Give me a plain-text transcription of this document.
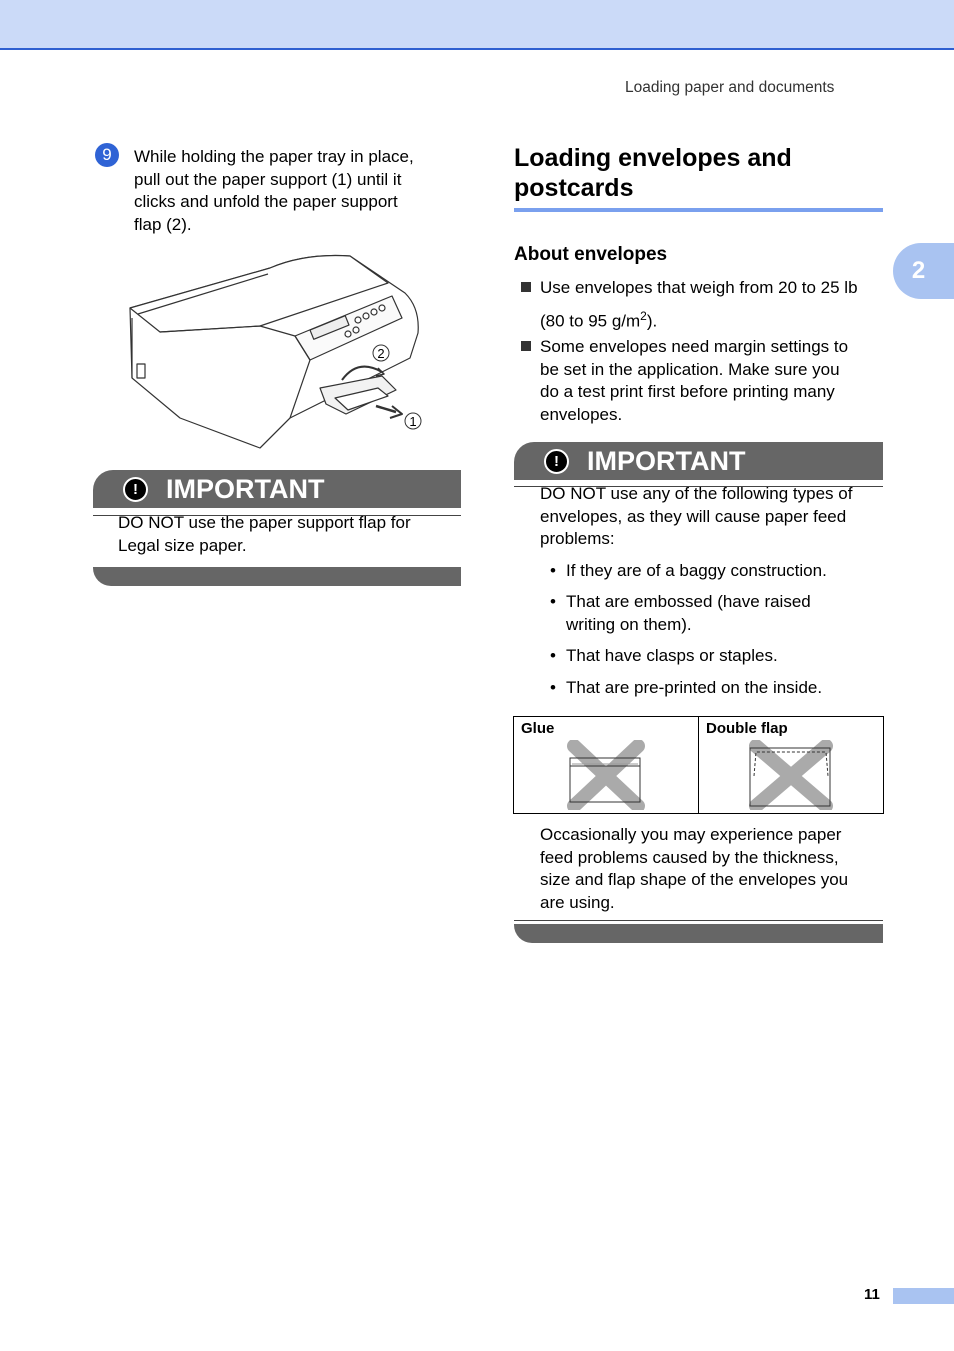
Loading paper and documents
2
9	While holding the paper tray in place,
pull out the paper support (1) until it
clicks and unfold the paper support
flap (2).
2
1
!	IMPORTANT
DO NOT use the paper support flap for
Legal size paper.
Loading envelopes and
postcards
About envelopes
Use envelopes that weigh from 20 to 25 lb
(80 to 95 $g/m^2$).
Some envelopes need margin settings to
be set in the application. Make sure you
do a test print first before printing many
envelopes.
!	IMPORTANT
DO NOT use any of the following types of
envelopes, as they will cause paper feed
problems:
• If they are of a baggy construction.
• That are embossed (have raised
writing on them).
• That have clasps or staples.
• That are pre-printed on the inside.
Glue	Double flap
Occasionally you may experience paper
feed problems caused by the thickness,
size and flap shape of the envelopes you
are using.
11
